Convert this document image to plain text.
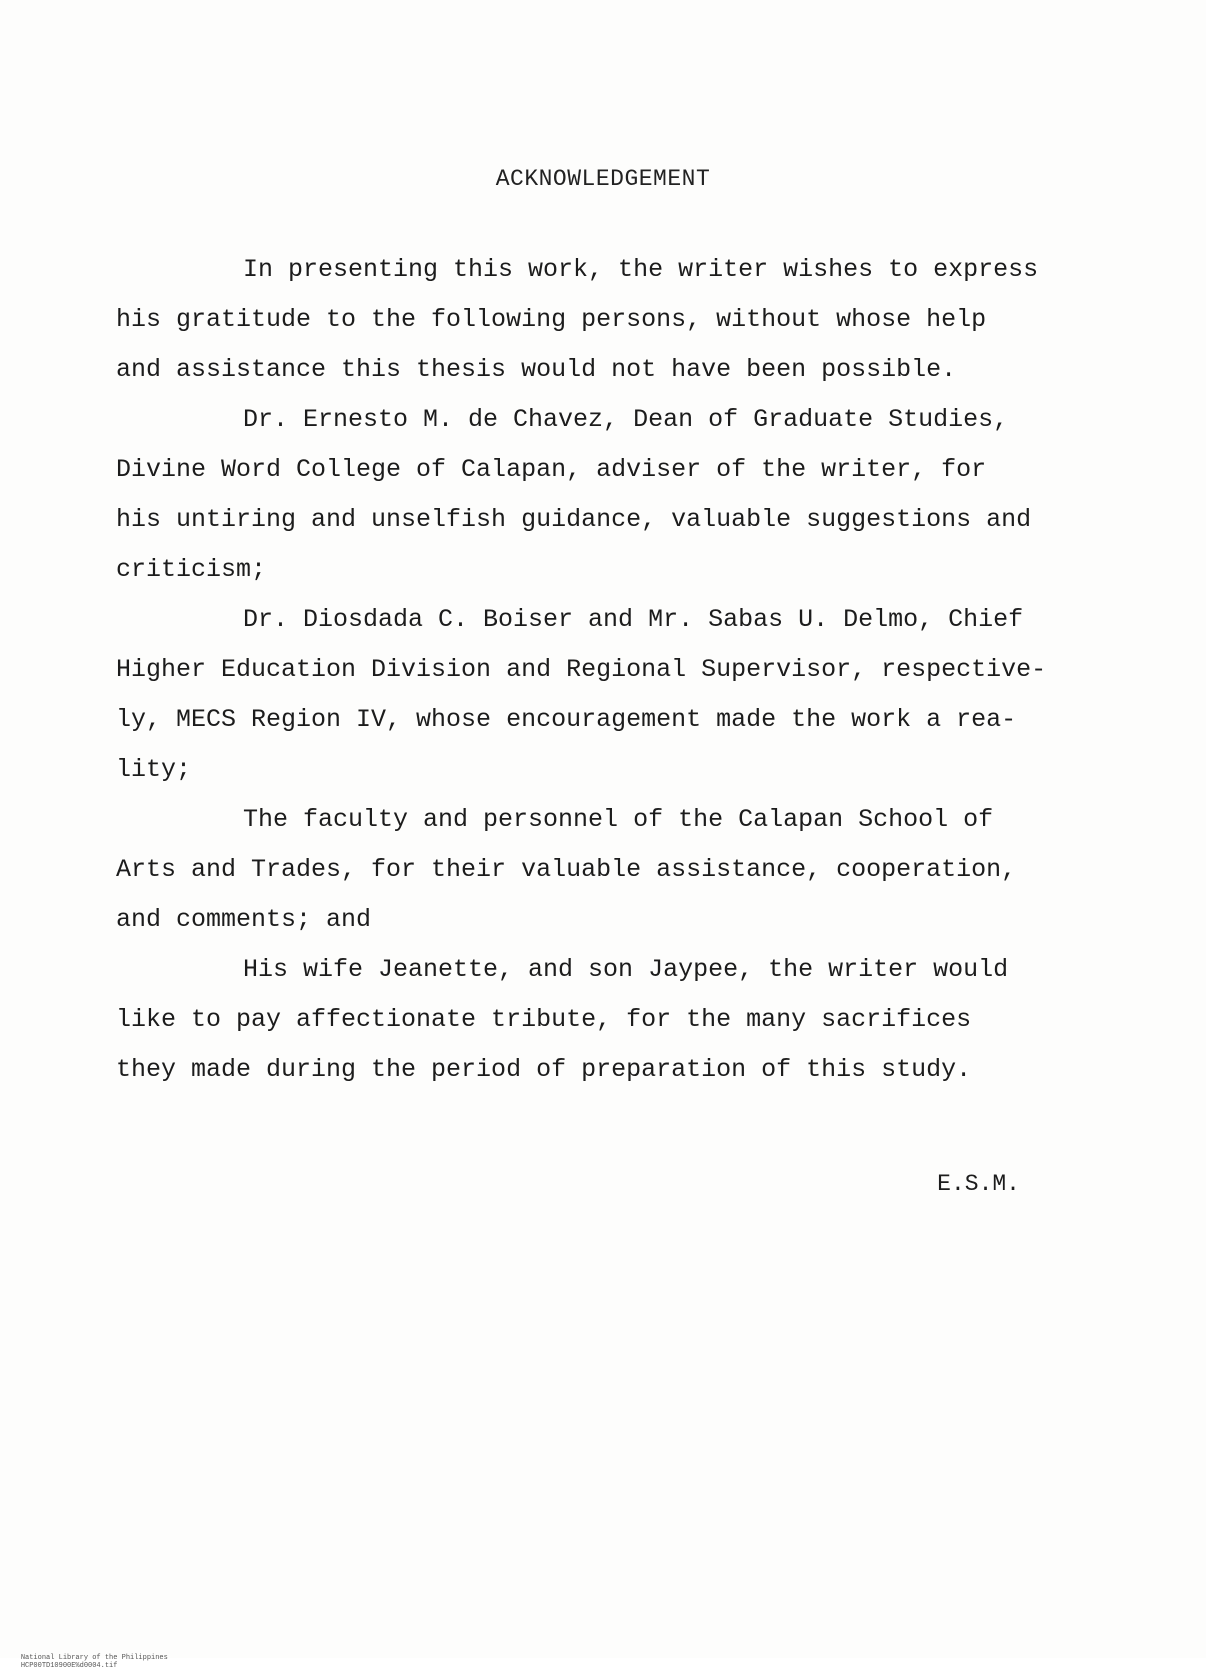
ACKNOWLEDGEMENT
In presenting this work, the writer wishes to express
his gratitude to the following persons, without whose help
and assistance this thesis would not have been possible.
Dr. Ernesto M. de Chavez, Dean of Graduate Studies,
Divine Word College of Calapan, adviser of the writer, for
his untiring and unselfish guidance, valuable suggestions and
criticism;
Dr. Diosdada C. Boiser and Mr. Sabas U. Delmo, Chief
Higher Education Division and Regional Supervisor, respective-
ly, MECS Region IV, whose encouragement made the work a rea-
lity;
The faculty and personnel of the Calapan School of
Arts and Trades, for their valuable assistance, cooperation,
and comments; and
His wife Jeanette, and son Jaypee, the writer would
like to pay affectionate tribute, for the many sacrifices
they made during the period of preparation of this study.
E.S.M.

National Library of the Philippines
HCP00TD10900E%d0004.tif
